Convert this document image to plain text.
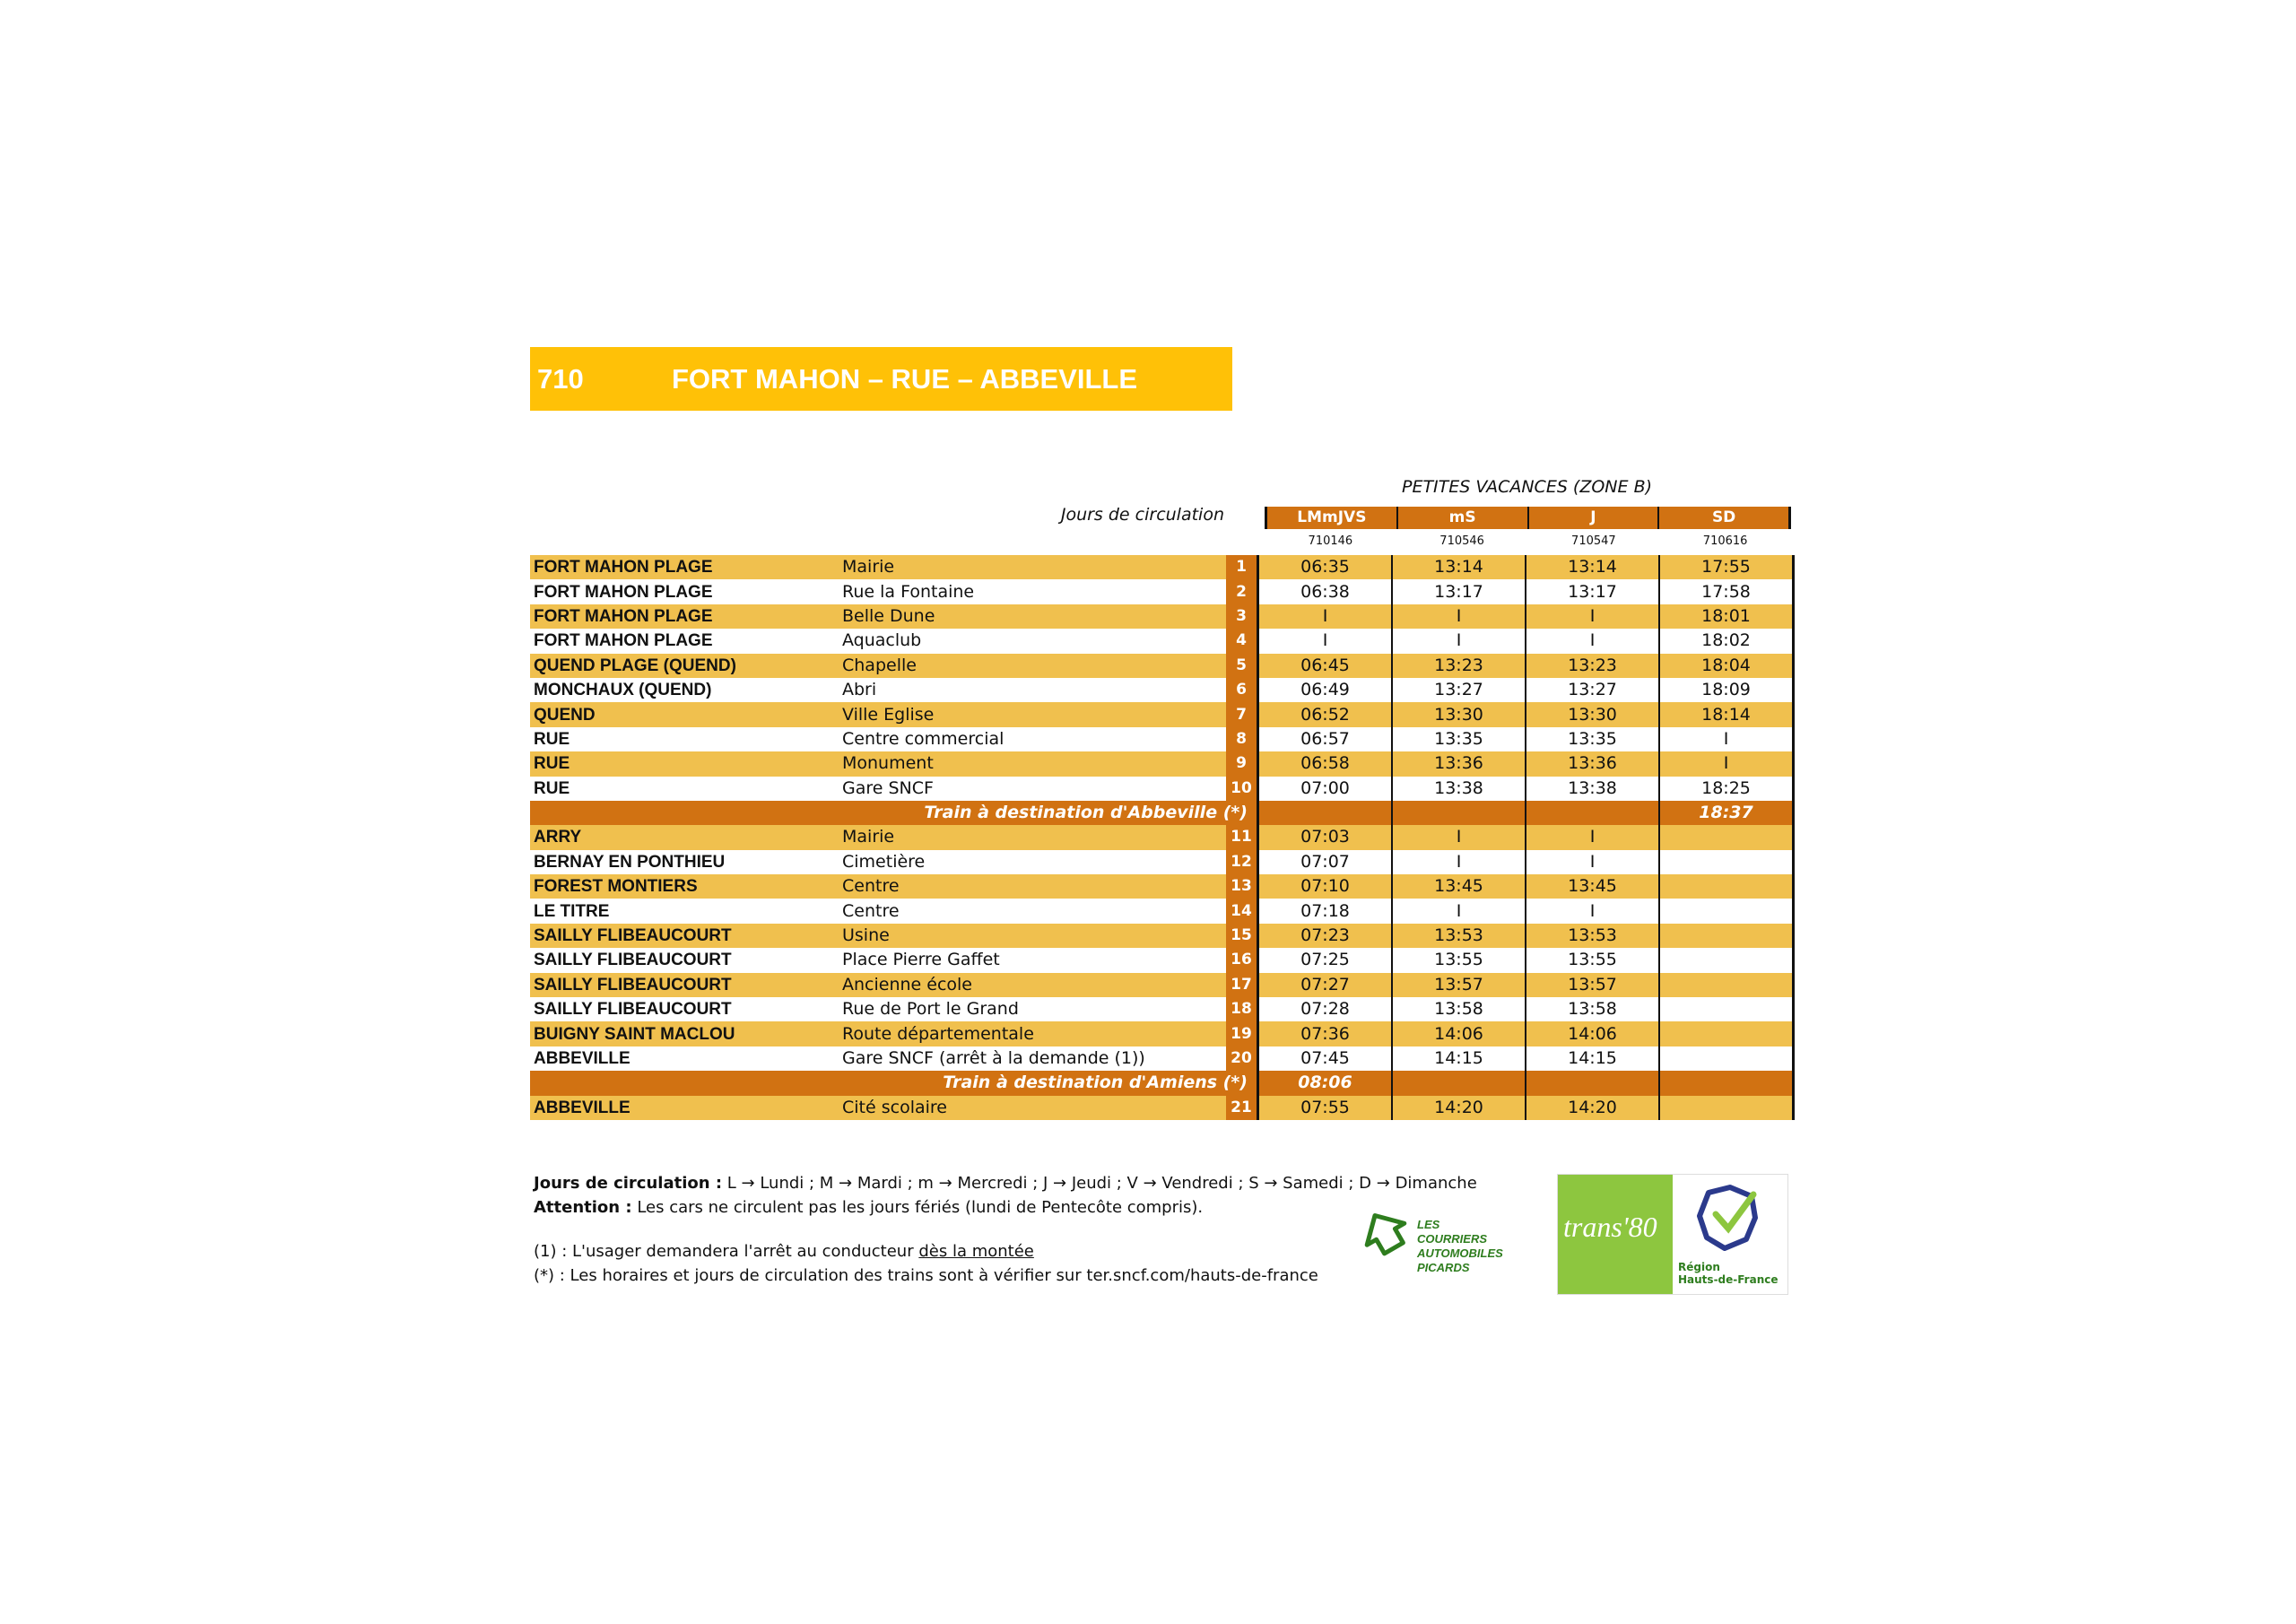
710	FORT MAHON – RUE – ABBEVILLE
PETITES VACANCES (ZONE B)
Jours de circulation	LMmJVS	mS	J	SD
710146	710546	710547	710616
FORT MAHON PLAGE	Mairie	1	06:35	13:14	13:14	17:55
FORT MAHON PLAGE	Rue la Fontaine	2	06:38	13:17	13:17	17:58
FORT MAHON PLAGE	Belle Dune	3	I	I	I	18:01
FORT MAHON PLAGE	Aquaclub	4	I	I	I	18:02
QUEND PLAGE (QUEND)	Chapelle	5	06:45	13:23	13:23	18:04
MONCHAUX (QUEND)	Abri	6	06:49	13:27	13:27	18:09
QUEND	Ville Eglise	7	06:52	13:30	13:30	18:14
RUE	Centre commercial	8	06:57	13:35	13:35	I
RUE	Monument	9	06:58	13:36	13:36	I
RUE	Gare SNCF	10	07:00	13:38	13:38	18:25
Train à destination d'Abbeville (*)						18:37
ARRY	Mairie	11	07:03	I	I	
BERNAY EN PONTHIEU	Cimetière	12	07:07	I	I	
FOREST MONTIERS	Centre	13	07:10	13:45	13:45	
LE TITRE	Centre	14	07:18	I	I	
SAILLY FLIBEAUCOURT	Usine	15	07:23	13:53	13:53	
SAILLY FLIBEAUCOURT	Place Pierre Gaffet	16	07:25	13:55	13:55	
SAILLY FLIBEAUCOURT	Ancienne école	17	07:27	13:57	13:57	
SAILLY FLIBEAUCOURT	Rue de Port le Grand	18	07:28	13:58	13:58	
BUIGNY SAINT MACLOU	Route départementale	19	07:36	14:06	14:06	
ABBEVILLE	Gare SNCF (arrêt à la demande (1))	20	07:45	14:15	14:15	
Train à destination d'Amiens (*)			08:06			
ABBEVILLE	Cité scolaire	21	07:55	14:20	14:20	
Jours de circulation : L → Lundi ; M → Mardi ; m → Mercredi ; J → Jeudi ; V → Vendredi ; S → Samedi ; D → Dimanche
Attention : Les cars ne circulent pas les jours fériés (lundi de Pentecôte compris).
(1) : L'usager demandera l'arrêt au conducteur dès la montée
(*) : Les horaires et jours de circulation des trains sont à vérifier sur ter.sncf.com/hauts-de-france
LES COURRIERS
AUTOMOBILES
PICARDS
trans'80
Région
Hauts-de-France
